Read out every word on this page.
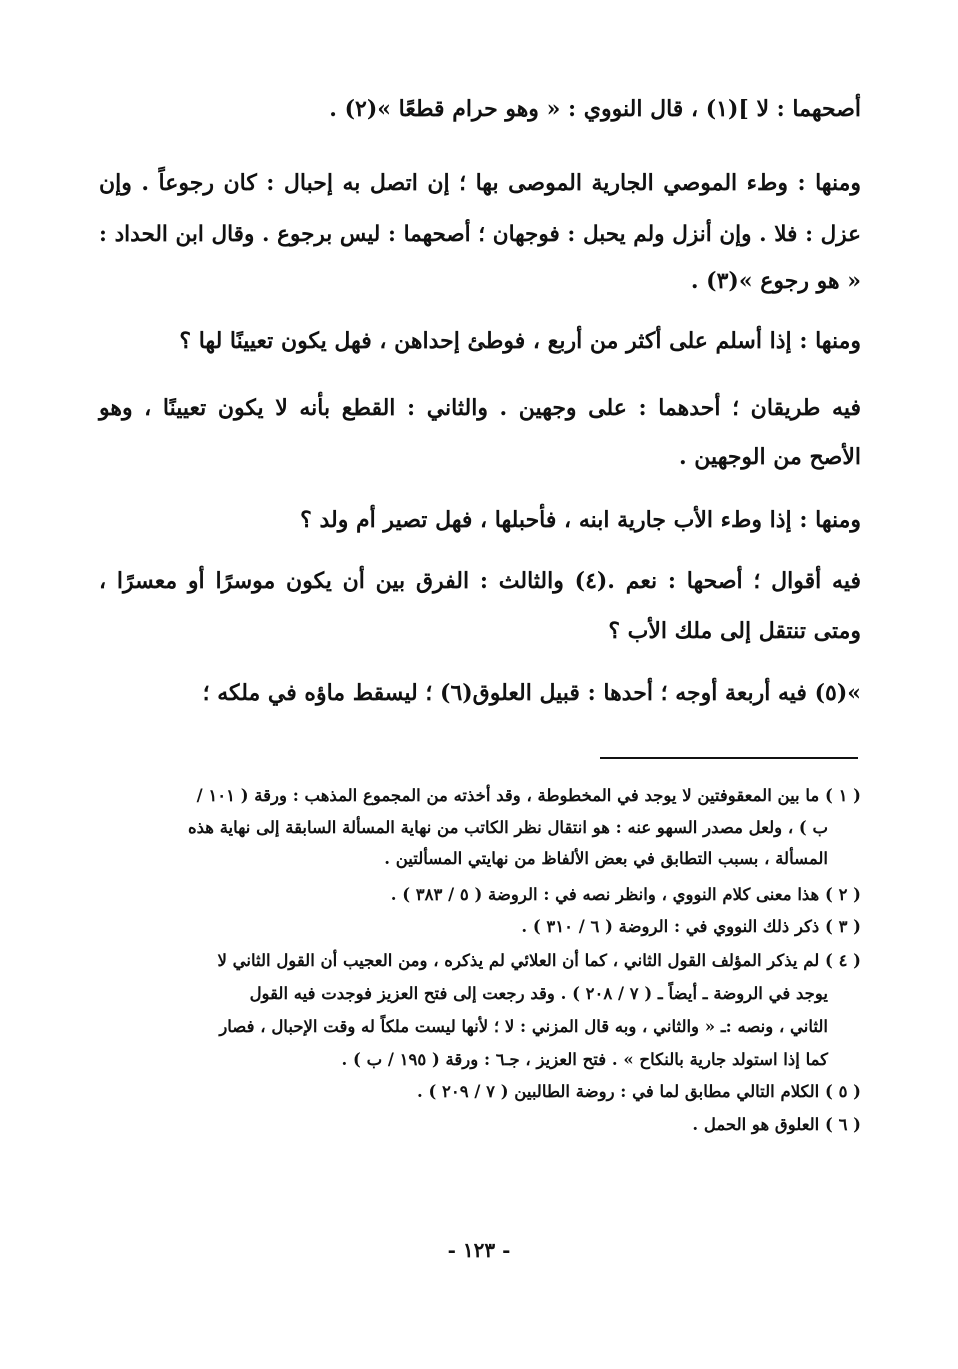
أصحهما : لا ](١) ، قال النووي : « وهو حرام قطعًا »(٢) .

ومنها : وطء الموصي الجارية الموصى بها ؛ إن اتصل به إحبال : كان رجوعاً . وإن

عزل : فلا . وإن أنزل ولم يحبل : فوجهان ؛ أصحهما : ليس برجوع . وقال ابن الحداد :

« هو رجوع »(٣) .

ومنها : إذا أسلم على أكثر من أربع ، فوطئ إحداهن ، فهل يكون تعيينًا لها ؟

فيه طريقان ؛ أحدهما : على وجهين . والثاني : القطع بأنه لا يكون تعيينًا ، وهو

الأصح من الوجهين .

ومنها : إذا وطء الأب جارية ابنه ، فأحبلها ، فهل تصير أم ولد ؟

فيه أقوال ؛ أصحها : نعم .(٤) والثالث : الفرق بين أن يكون موسرًا أو معسرًا ،

ومتى تنتقل إلى ملك الأب ؟

»(٥) فيه أربعة أوجه ؛ أحدها : قبيل العلوق(٦) ؛ ليسقط ماؤه في ملكه ؛

( ١ ) ما بين المعقوفتين لا يوجد في المخطوطة ، وقد أخذته من المجموع المذهب : ورقة ( ١٠١ /

ب ) ، ولعل مصدر السهو عنه : هو انتقال نظر الكاتب من نهاية المسألة السابقة إلى نهاية هذه

المسألة ، بسبب التطابق في بعض الألفاظ من نهايتي المسألتين .

( ٢ ) هذا معنى كلام النووي ، وانظر نصه في : الروضة ( ٥ / ٣٨٣ ) .

( ٣ ) ذكر ذلك النووي في : الروضة ( ٦ / ٣١٠ ) .

( ٤ ) لم يذكر المؤلف القول الثاني ، كما أن العلائي لم يذكره ، ومن العجيب أن القول الثاني لا

يوجد في الروضة ـ أيضاً ـ ( ٧ / ٢٠٨ ) . وقد رجعت إلى فتح العزيز فوجدت فيه القول

الثاني ، ونصه :ـ « والثاني ، وبه قال المزني : لا ؛ لأنها ليست ملكاً له وقت الإحبال ، فصار

كما إذا استولد جارية بالنكاح » . فتح العزيز ، جـ٦ : ورقة ( ١٩٥ / ب ) .

( ٥ ) الكلام التالي مطابق لما في : روضة الطالبين ( ٧ / ٢٠٩ ) .

( ٦ ) العلوق هو الحمل .

- ١٢٣ -
